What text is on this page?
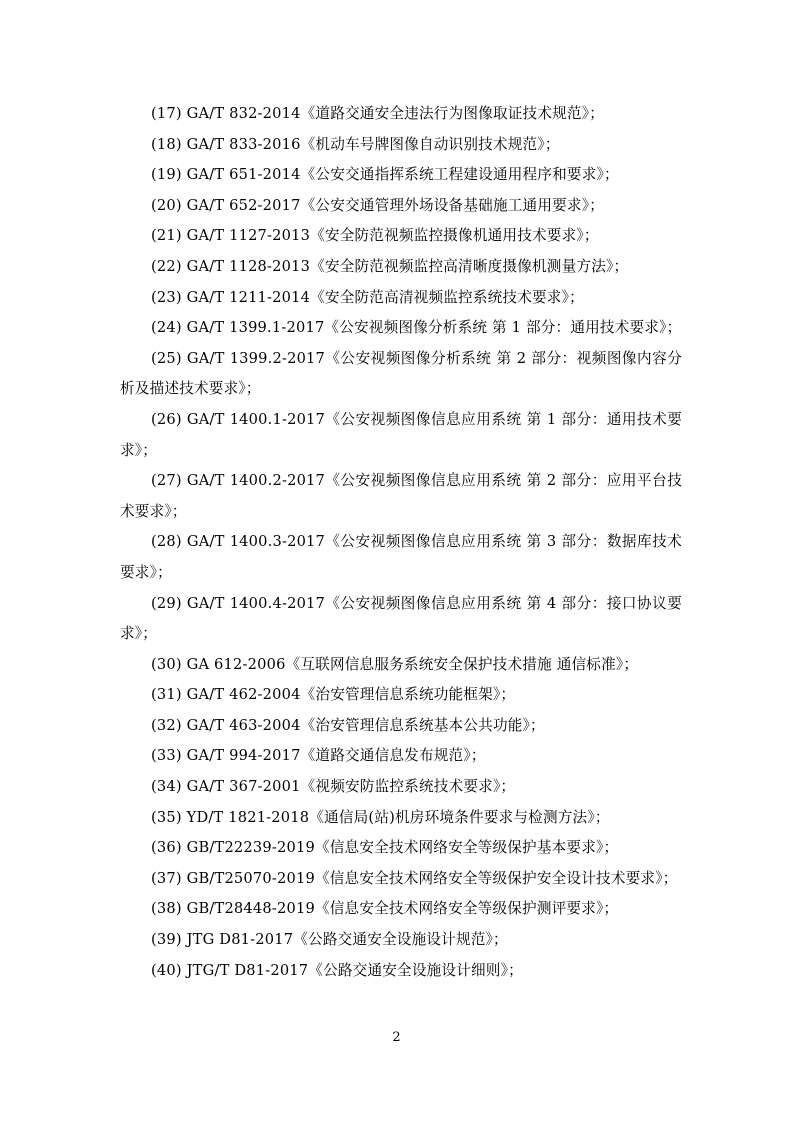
(17) GA/T 832-2014《道路交通安全违法行为图像取证技术规范》；
(18) GA/T 833-2016《机动车号牌图像自动识别技术规范》；
(19) GA/T 651-2014《公安交通指挥系统工程建设通用程序和要求》；
(20) GA/T 652-2017《公安交通管理外场设备基础施工通用要求》；
(21) GA/T 1127-2013《安全防范视频监控摄像机通用技术要求》；
(22) GA/T 1128-2013《安全防范视频监控高清晰度摄像机测量方法》；
(23) GA/T 1211-2014《安全防范高清视频监控系统技术要求》；
(24) GA/T 1399.1-2017《公安视频图像分析系统 第 1 部分：通用技术要求》；
(25) GA/T 1399.2-2017《公安视频图像分析系统 第 2 部分：视频图像内容分析及描述技术要求》；
(26) GA/T 1400.1-2017《公安视频图像信息应用系统 第 1 部分：通用技术要求》；
(27) GA/T 1400.2-2017《公安视频图像信息应用系统 第 2 部分：应用平台技术要求》；
(28) GA/T 1400.3-2017《公安视频图像信息应用系统 第 3 部分：数据库技术要求》；
(29) GA/T 1400.4-2017《公安视频图像信息应用系统 第 4 部分：接口协议要求》；
(30) GA 612-2006《互联网信息服务系统安全保护技术措施 通信标准》；
(31) GA/T 462-2004《治安管理信息系统功能框架》；
(32) GA/T 463-2004《治安管理信息系统基本公共功能》；
(33) GA/T 994-2017《道路交通信息发布规范》；
(34) GA/T 367-2001《视频安防监控系统技术要求》；
(35) YD/T 1821-2018《通信局(站)机房环境条件要求与检测方法》；
(36) GB/T22239-2019《信息安全技术网络安全等级保护基本要求》；
(37) GB/T25070-2019《信息安全技术网络安全等级保护安全设计技术要求》；
(38) GB/T28448-2019《信息安全技术网络安全等级保护测评要求》；
(39) JTG D81-2017《公路交通安全设施设计规范》；
(40) JTG/T D81-2017《公路交通安全设施设计细则》；
2
